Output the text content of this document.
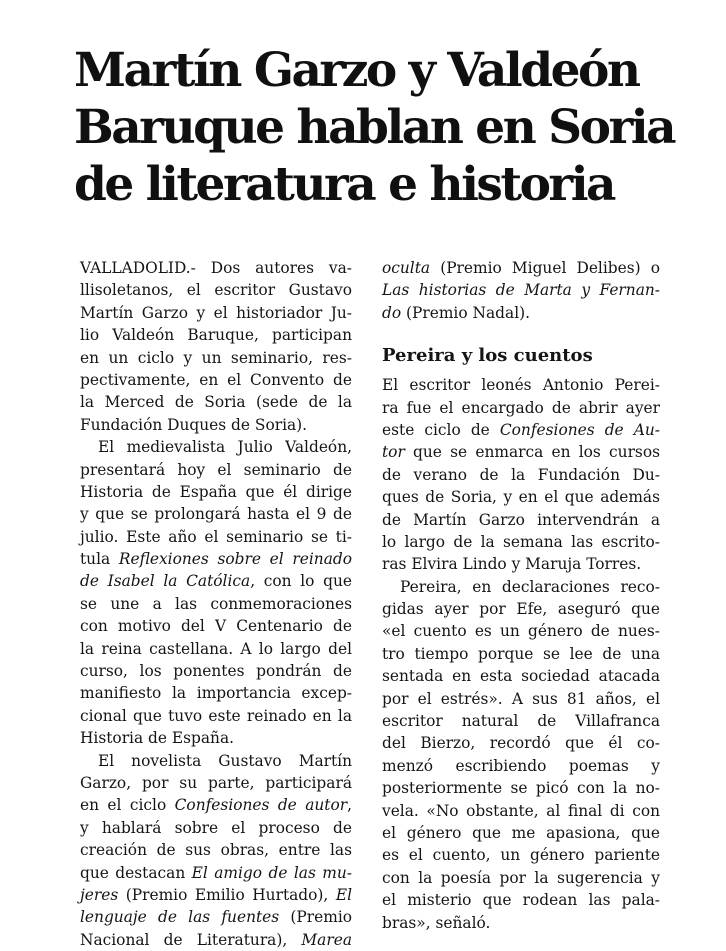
Martín Garzo y Valdeón
Baruque hablan en Soria
de literatura e historia
VALLADOLID.- Dos autores va-
llisoletanos, el escritor Gustavo
Martín Garzo y el historiador Ju-
lio Valdeón Baruque, participan
en un ciclo y un seminario, res-
pectivamente, en el Convento de
la Merced de Soria (sede de la
Fundación Duques de Soria).
El medievalista Julio Valdeón,
presentará hoy el seminario de
Historia de España que él dirige
y que se prolongará hasta el 9 de
julio. Este año el seminario se ti-
tula Reflexiones sobre el reinado
de Isabel la Católica, con lo que
se une a las conmemoraciones
con motivo del V Centenario de
la reina castellana. A lo largo del
curso, los ponentes pondrán de
manifiesto la importancia excep-
cional que tuvo este reinado en la
Historia de España.
El novelista Gustavo Martín
Garzo, por su parte, participará
en el ciclo Confesiones de autor,
y hablará sobre el proceso de
creación de sus obras, entre las
que destacan El amigo de las mu-
jeres (Premio Emilio Hurtado), El
lenguaje de las fuentes (Premio
Nacional de Literatura), Marea
oculta (Premio Miguel Delibes) o
Las historias de Marta y Fernan-
do (Premio Nadal).
Pereira y los cuentos
El escritor leonés Antonio Perei-
ra fue el encargado de abrir ayer
este ciclo de Confesiones de Au-
tor que se enmarca en los cursos
de verano de la Fundación Du-
ques de Soria, y en el que además
de Martín Garzo intervendrán a
lo largo de la semana las escrito-
ras Elvira Lindo y Maruja Torres.
Pereira, en declaraciones reco-
gidas ayer por Efe, aseguró que
«el cuento es un género de nues-
tro tiempo porque se lee de una
sentada en esta sociedad atacada
por el estrés». A sus 81 años, el
escritor natural de Villafranca
del Bierzo, recordó que él co-
menzó escribiendo poemas y
posteriormente se picó con la no-
vela. «No obstante, al final di con
el género que me apasiona, que
es el cuento, un género pariente
con la poesía por la sugerencia y
el misterio que rodean las pala-
bras», señaló.
